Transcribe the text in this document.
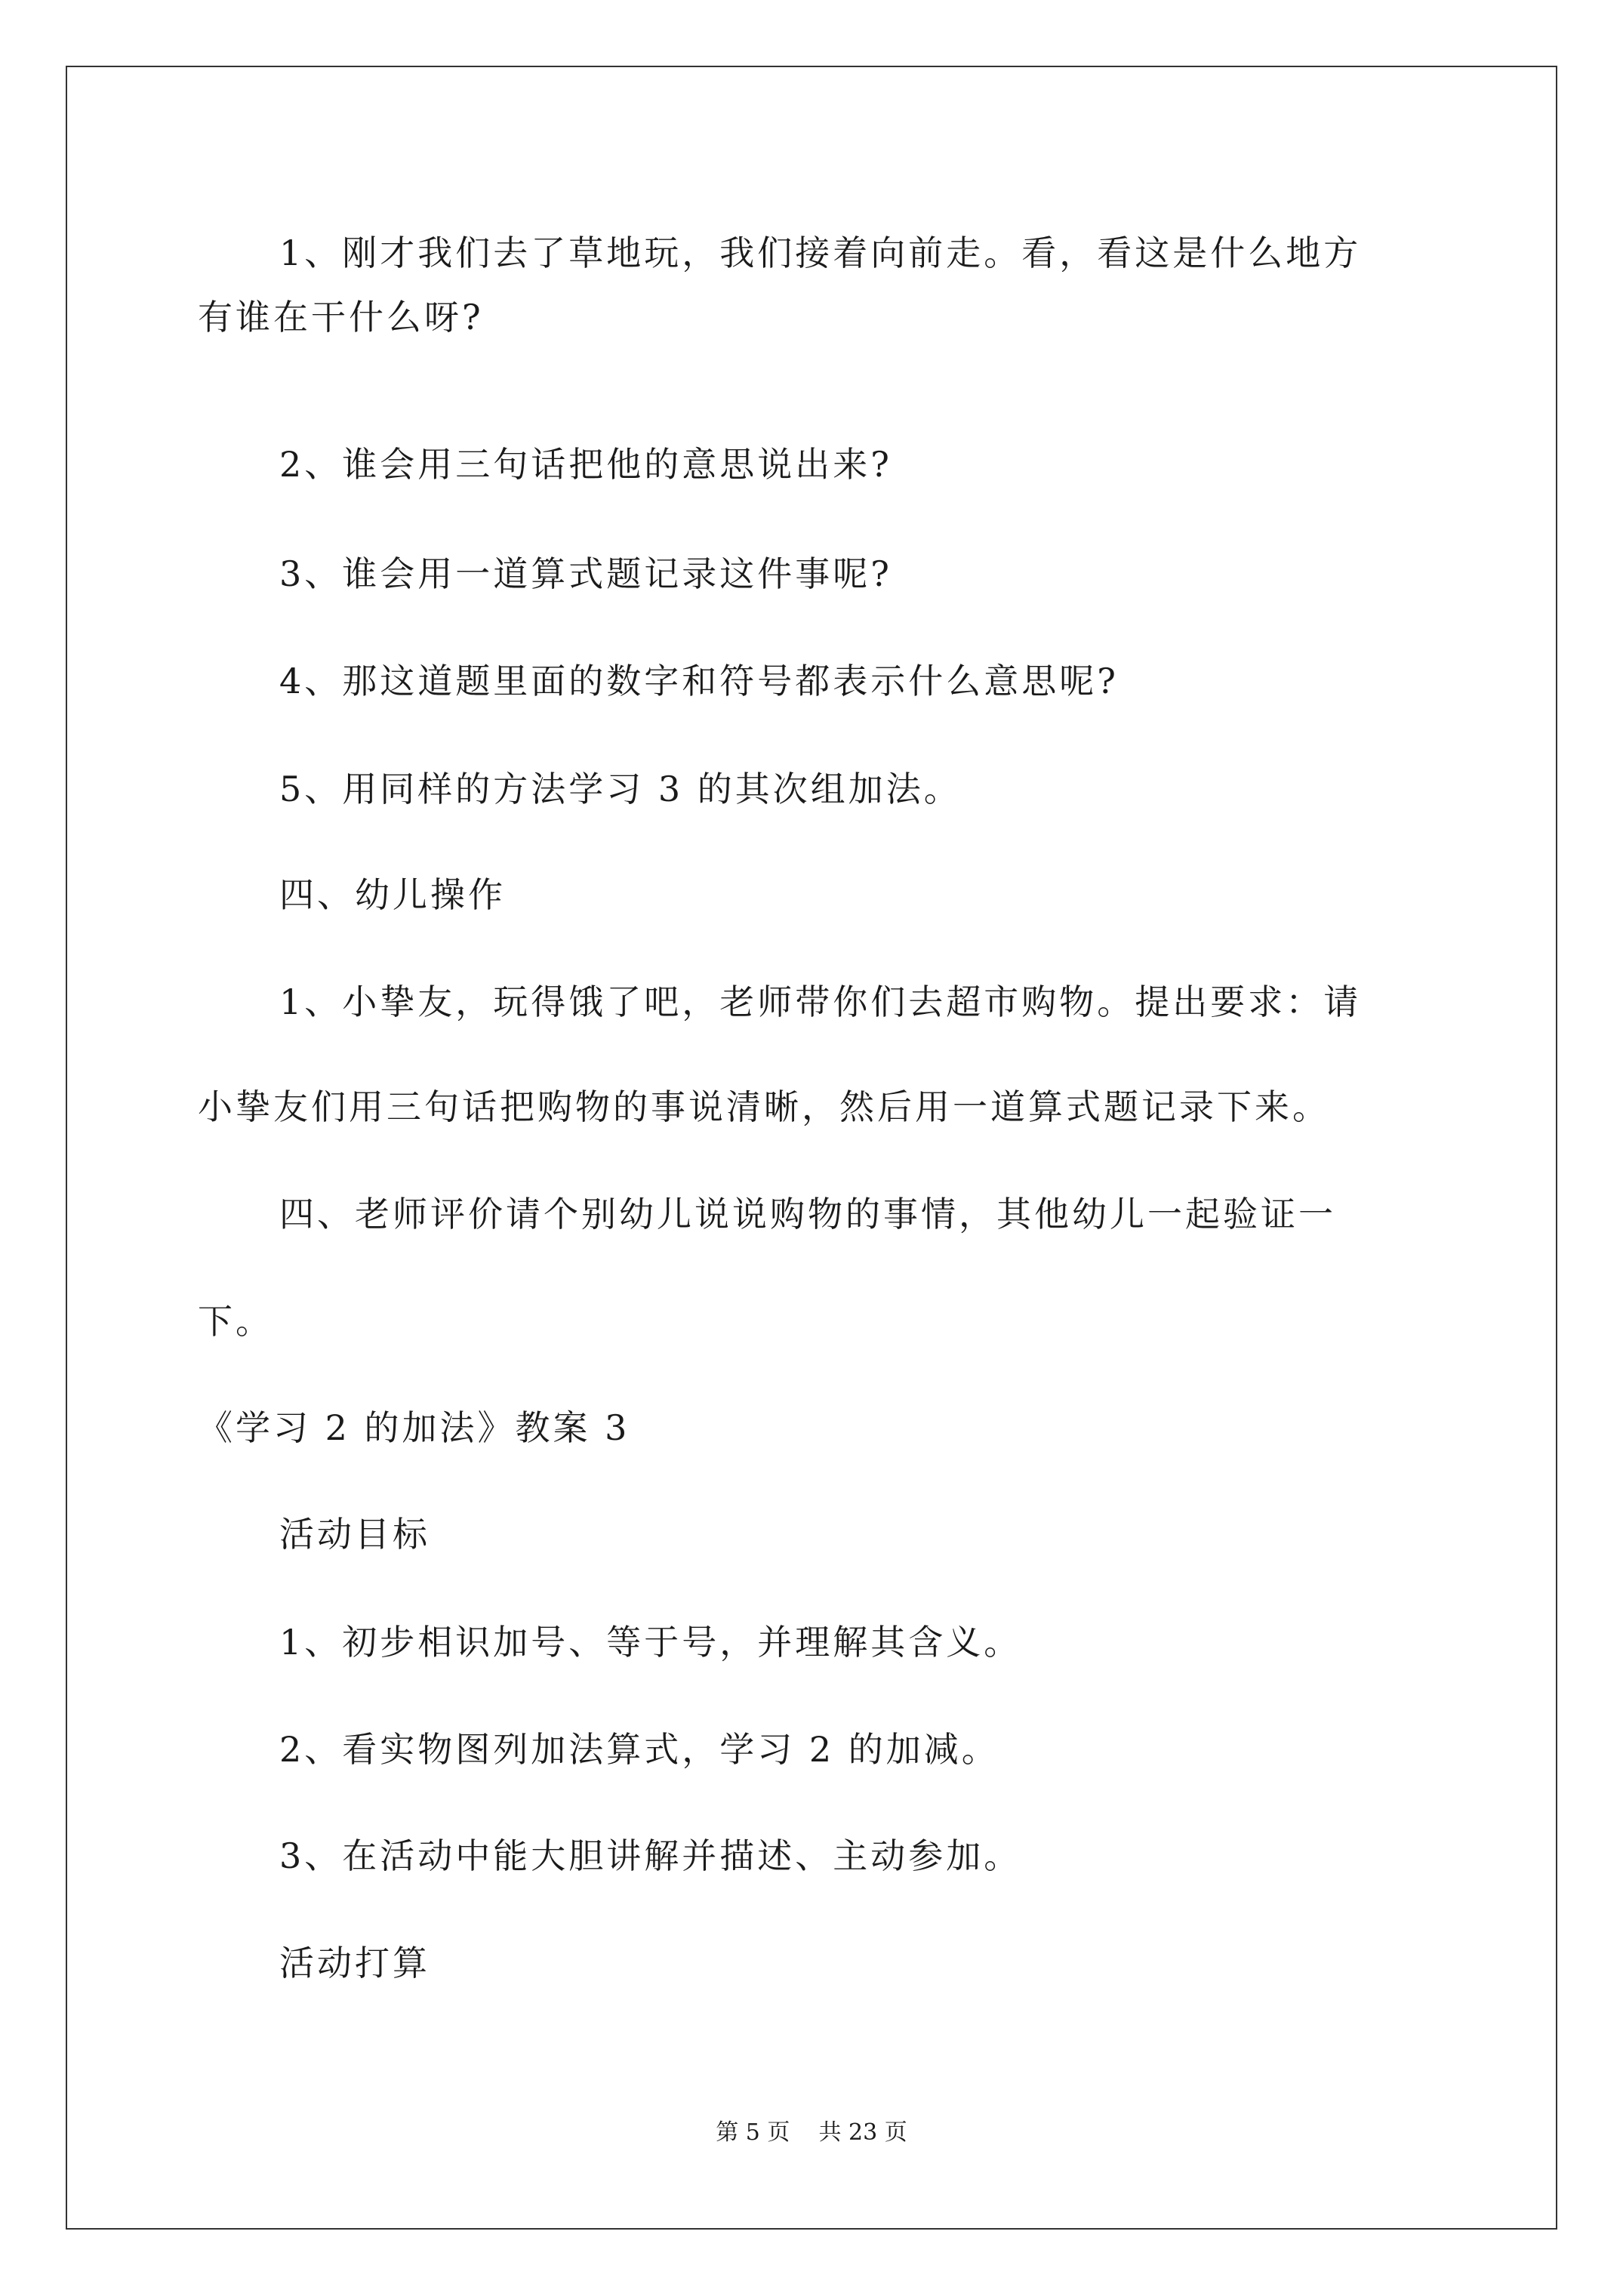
1、刚才我们去了草地玩，我们接着向前走。看，看这是什么地方
有谁在干什么呀?
2、谁会用三句话把他的意思说出来?
3、谁会用一道算式题记录这件事呢?
4、那这道题里面的数字和符号都表示什么意思呢?
5、用同样的方法学习 3 的其次组加法。
四、幼儿操作
1、小挚友，玩得饿了吧，老师带你们去超市购物。提出要求：请
小挚友们用三句话把购物的事说清晰，然后用一道算式题记录下来。
四、老师评价请个别幼儿说说购物的事情，其他幼儿一起验证一
下。
《学习 2 的加法》教案 3
活动目标
1、初步相识加号、等于号，并理解其含义。
2、看实物图列加法算式，学习 2 的加减。
3、在活动中能大胆讲解并描述、主动参加。
活动打算
第 5 页    共 23 页
